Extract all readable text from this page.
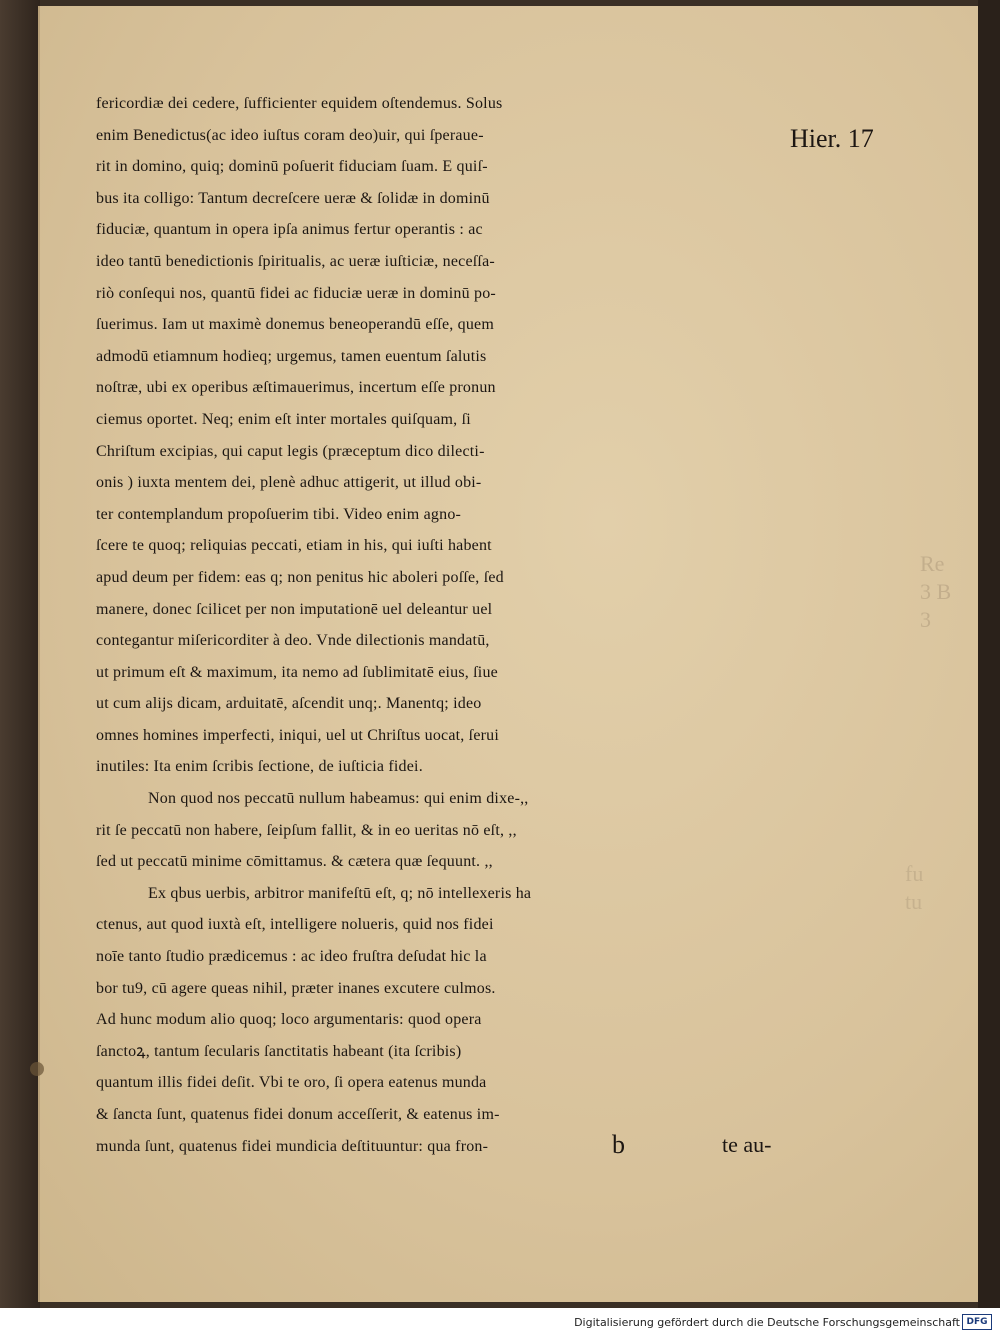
Re
3 B
3
fu
tu
fericordiæ dei cedere, ſufficienter equidem oſtendemus. Solus
enim Benedictus(ac ideo iuſtus coram deo)uir, qui ſperaue-
rit in domino, quiq; dominū poſuerit fiduciam ſuam. E quiſ-
bus ita colligo: Tantum decreſcere ueræ & ſolidæ in dominū
fiduciæ, quantum in opera ipſa animus fertur operantis : ac
ideo tantū benedictionis ſpiritualis, ac ueræ iuſticiæ, neceſſa-
riò conſequi nos, quantū fidei ac fiduciæ ueræ in dominū po-
ſuerimus. Iam ut maximè donemus beneoperandū eſſe, quem
admodū etiamnum hodieq; urgemus, tamen euentum ſalutis
noſtræ, ubi ex operibus æſtimauerimus, incertum eſſe pronun
ciemus oportet. Neq; enim eſt inter mortales quiſquam, ſi
Chriſtum excipias, qui caput legis (præceptum dico dilecti-
onis ) iuxta mentem dei, plenè adhuc attigerit, ut illud obi-
ter contemplandum propoſuerim tibi. Video enim agno-
ſcere te quoq; reliquias peccati, etiam in his, qui iuſti habent
apud deum per fidem: eas q; non penitus hic aboleri poſſe, ſed
manere, donec ſcilicet per non imputationē uel deleantur uel
contegantur miſericorditer à deo. Vnde dilectionis mandatū,
ut primum eſt & maximum, ita nemo ad ſublimitatē eius, ſiue
ut cum alijs dicam, arduitatē, aſcendit unq;. Manentq; ideo
omnes homines imperfecti, iniqui, uel ut Chriſtus uocat, ſerui
inutiles: Ita enim ſcribis ſectione, de iuſticia fidei.
Non quod nos peccatū nullum habeamus: qui enim dixe-,,
rit ſe peccatū non habere, ſeipſum fallit, & in eo ueritas nō eſt, ,,
ſed ut peccatū minime cōmittamus. & cætera quæ ſequunt. ,,
Ex qbus uerbis, arbitror manifeſtū eſt, q; nō intellexeris ha
ctenus, aut quod iuxtà eſt, intelligere nolueris, quid nos fidei
noīe tanto ſtudio prædicemus : ac ideo fruſtra deſudat hic la
bor tu9, cū agere queas nihil, præter inanes excutere culmos.
Ad hunc modum alio quoq; loco argumentaris: quod opera
ſanctoꝝ, tantum ſecularis ſanctitatis habeant (ita ſcribis)
quantum illis fidei deſit. Vbi te oro, ſi opera eatenus munda
& ſancta ſunt, quatenus fidei donum acceſſerit, & eatenus im-
munda ſunt, quatenus fidei mundicia deſtituuntur: qua fron-
Hier. 17
b	te au-
Digitalisierung gefördert durch die Deutsche Forschungsgemeinschaft DFG
